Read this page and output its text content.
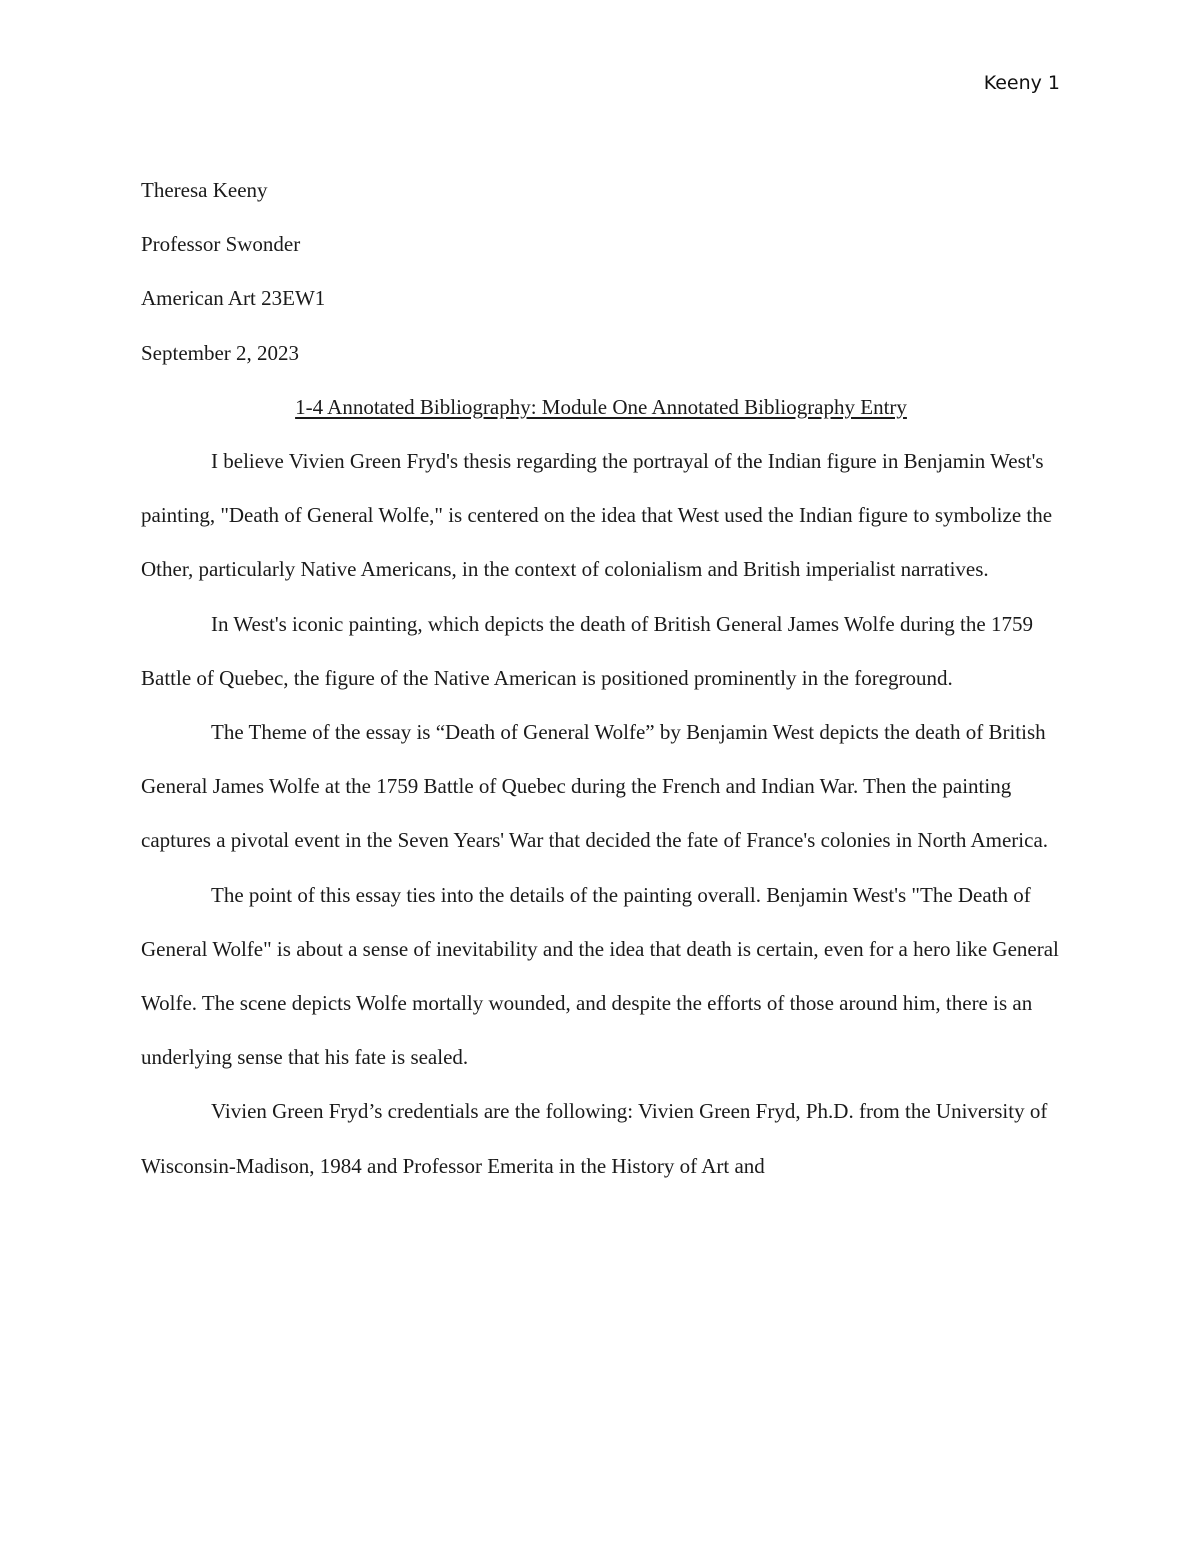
Keeny 1

Theresa Keeny

Professor Swonder

American Art 23EW1

September 2, 2023

1-4 Annotated Bibliography: Module One Annotated Bibliography Entry

I believe Vivien Green Fryd's thesis regarding the portrayal of the Indian figure in Benjamin West's painting, "Death of General Wolfe," is centered on the idea that West used the Indian figure to symbolize the Other, particularly Native Americans, in the context of colonialism and British imperialist narratives.

In West's iconic painting, which depicts the death of British General James Wolfe during the 1759 Battle of Quebec, the figure of the Native American is positioned prominently in the foreground.

The Theme of the essay is “Death of General Wolfe” by Benjamin West depicts the death of British General James Wolfe at the 1759 Battle of Quebec during the French and Indian War. Then the painting captures a pivotal event in the Seven Years' War that decided the fate of France's colonies in North America.

The point of this essay ties into the details of the painting overall. Benjamin West's "The Death of General Wolfe" is about a sense of inevitability and the idea that death is certain, even for a hero like General Wolfe. The scene depicts Wolfe mortally wounded, and despite the efforts of those around him, there is an underlying sense that his fate is sealed.

Vivien Green Fryd’s credentials are the following: Vivien Green Fryd, Ph.D. from the University of Wisconsin-Madison, 1984 and Professor Emerita in the History of Art and
